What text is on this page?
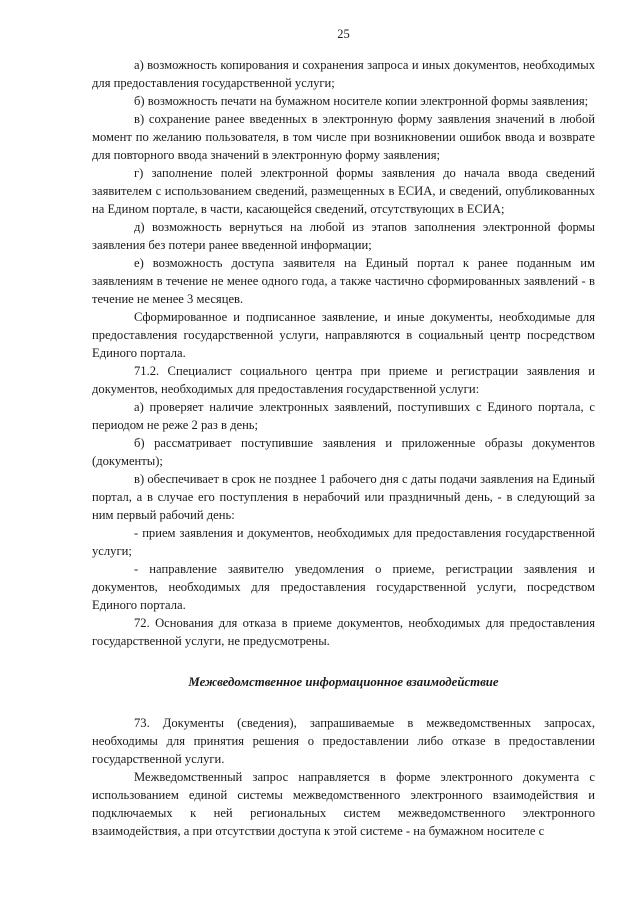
25

а) возможность копирования и сохранения запроса и иных документов, необходимых для предоставления государственной услуги;

б) возможность печати на бумажном носителе копии электронной формы заявления;

в) сохранение ранее введенных в электронную форму заявления значений в любой момент по желанию пользователя, в том числе при возникновении ошибок ввода и возврате для повторного ввода значений в электронную форму заявления;

г) заполнение полей электронной формы заявления до начала ввода сведений заявителем с использованием сведений, размещенных в ЕСИА, и сведений, опубликованных на Едином портале, в части, касающейся сведений, отсутствующих в ЕСИА;

д) возможность вернуться на любой из этапов заполнения электронной формы заявления без потери ранее введенной информации;

е) возможность доступа заявителя на Единый портал к ранее поданным им заявлениям в течение не менее одного года, а также частично сформированных заявлений - в течение не менее 3 месяцев.

Сформированное и подписанное заявление, и иные документы, необходимые для предоставления государственной услуги, направляются в социальный центр посредством Единого портала.

71.2. Специалист социального центра при приеме и регистрации заявления и документов, необходимых для предоставления государственной услуги:

а) проверяет наличие электронных заявлений, поступивших с Единого портала, с периодом не реже 2 раз в день;

б) рассматривает поступившие заявления и приложенные образы документов (документы);

в) обеспечивает в срок не позднее 1 рабочего дня с даты подачи заявления на Единый портал, а в случае его поступления в нерабочий или праздничный день, - в следующий за ним первый рабочий день:

- прием заявления и документов, необходимых для предоставления государственной услуги;

- направление заявителю уведомления о приеме, регистрации заявления и документов, необходимых для предоставления государственной услуги, посредством Единого портала.

72. Основания для отказа в приеме документов, необходимых для предоставления государственной услуги, не предусмотрены.

Межведомственное информационное взаимодействие

73. Документы (сведения), запрашиваемые в межведомственных запросах, необходимы для принятия решения о предоставлении либо отказе в предоставлении государственной услуги.

Межведомственный запрос направляется в форме электронного документа с использованием единой системы межведомственного электронного взаимодействия и подключаемых к ней региональных систем межведомственного электронного взаимодействия, а при отсутствии доступа к этой системе - на бумажном носителе с
